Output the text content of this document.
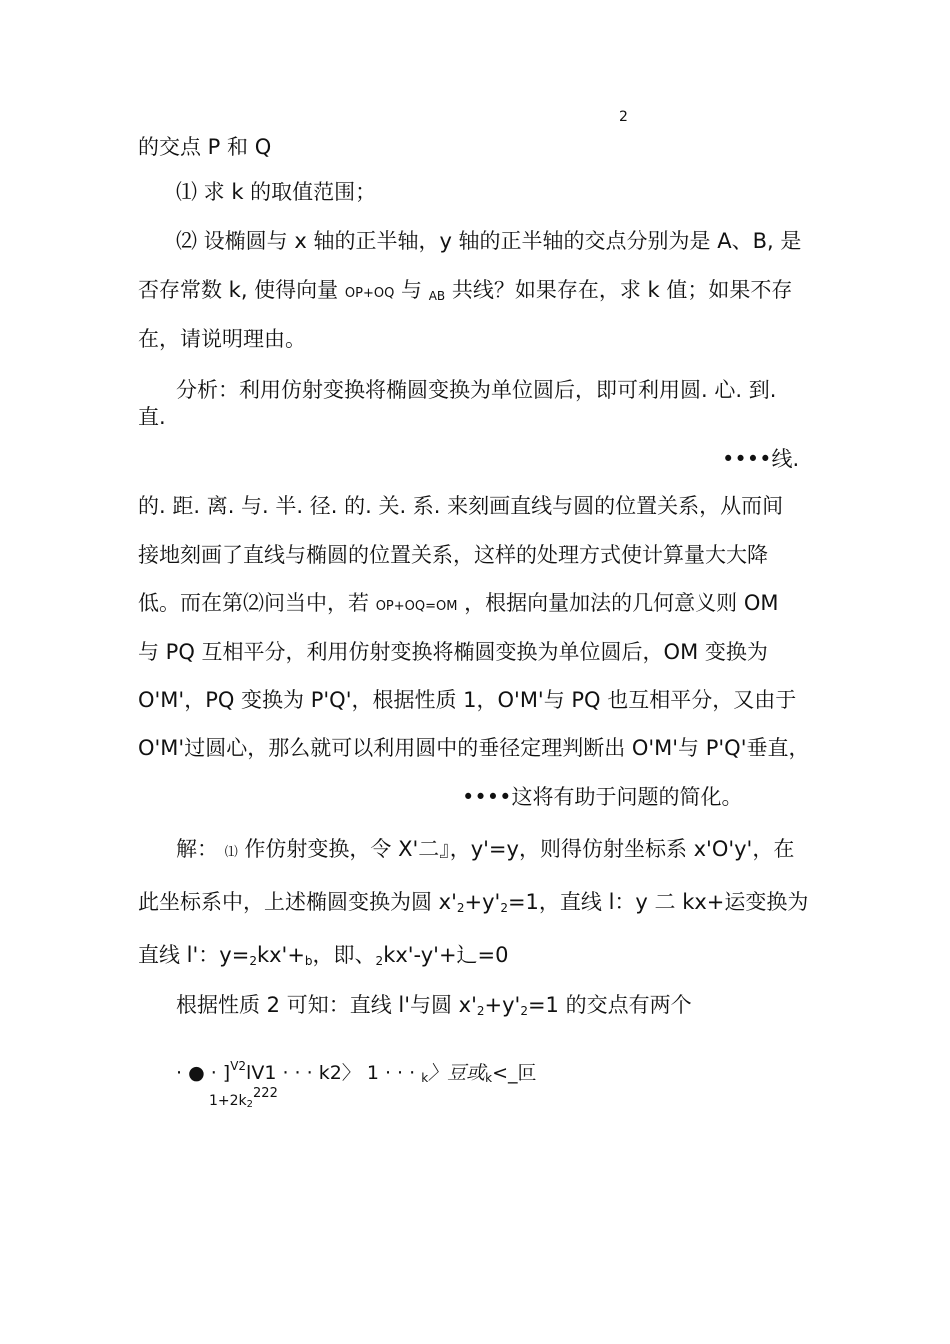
2
的交点 P 和 Q
⑴ 求 k 的取值范围；
⑵ 设椭圆与 x 轴的正半轴，y 轴的正半轴的交点分别为是 A、B, 是
否存常数 k, 使得向量 OP+OQ 与 $_{AB}$ 共线？如果存在，求 k 值；如果不存
在，请说明理由。
分析：利用仿射变换将椭圆变换为单位圆后，即可利用圆. 心. 到.
直.
••••线.
的. 距. 离. 与. 半. 径. 的. 关. 系. 来刻画直线与圆的位置关系，从而间
接地刻画了直线与椭圆的位置关系，这样的处理方式使计算量大大降
低。而在第⑵问当中，若 OP+OQ=OM ，根据向量加法的几何意义则 OM
与 PQ 互相平分，利用仿射变换将椭圆变换为单位圆后，OM 变换为
O'M'，PQ 变换为 P'Q'，根据性质 1，O'M'与 PQ 也互相平分，又由于
O'M'过圆心，那么就可以利用圆中的垂径定理判断出 O'M'与 P'Q'垂直，
••••这将有助于问题的简化。
解： ⑴ 作仿射变换，令 X'二』，y'=y，则得仿射坐标系 x'O'y'，在
此坐标系中，上述椭圆变换为圆 $x'_2+y'_2=1$，直线 l：y 二 kx+运变换为
直线 l'：$y=_2kx'+_b$，即、$_2$kx'-y'+辶=0
根据性质 2 可知：直线 l'与圆 $x'_2+y'_2=1$ 的交点有两个
· ● · ]$^{V2}$lV1 · · · k2〉 1 · · · $_k$〉豆或$_k$<_叵
1+2k2222
